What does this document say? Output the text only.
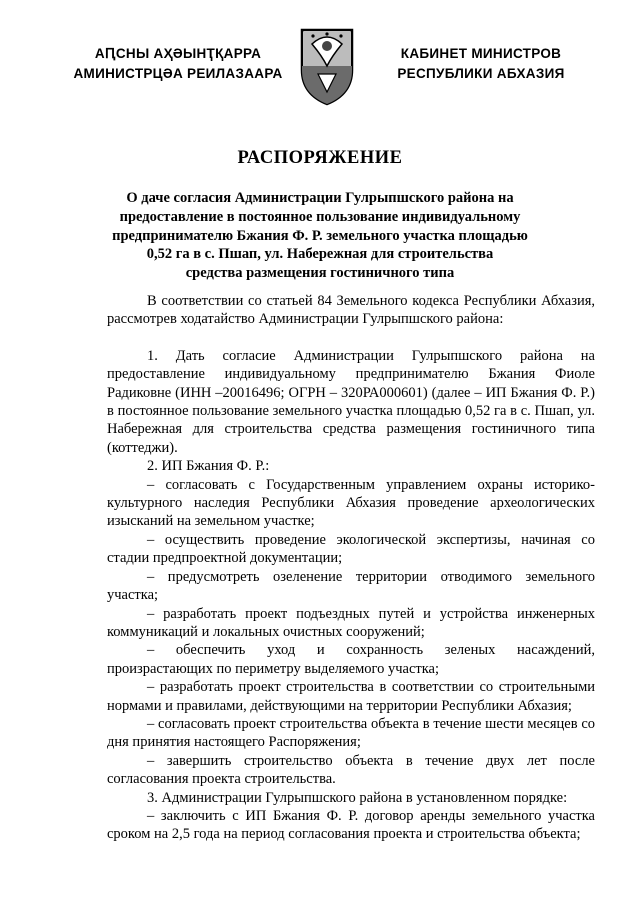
АԤСНЫ АҲӘЫНҬҚАРРА
АМИНИСТРЦӘА РЕИЛАЗААРА
КАБИНЕТ МИНИСТРОВ
РЕСПУБЛИКИ АБХАЗИЯ
РАСПОРЯЖЕНИЕ
О даче согласия Администрации Гулрыпшского района на
предоставление в постоянное пользование индивидуальному
предпринимателю Бжания Ф. Р. земельного участка площадью
0,52 га в с. Пшап, ул. Набережная для строительства
средства размещения гостиничного типа

В соответствии со статьей 84 Земельного кодекса Республики Абхазия, рассмотрев ходатайство Администрации Гулрыпшского района:

1. Дать согласие Администрации Гулрыпшского района на предоставление индивидуальному предпринимателю Бжания Фиоле Радиковне (ИНН –20016496; ОГРН – 320РА000601) (далее – ИП Бжания Ф. Р.) в постоянное пользование земельного участка площадью 0,52 га в с. Пшап, ул. Набережная для строительства средства размещения гостиничного типа (коттеджи).

2. ИП Бжания Ф. Р.:

– согласовать с Государственным управлением охраны историко-культурного наследия Республики Абхазия проведение археологических изысканий на земельном участке;

– осуществить проведение экологической экспертизы, начиная со стадии предпроектной документации;

– предусмотреть озеленение территории отводимого земельного участка;

– разработать проект подъездных путей и устройства инженерных коммуникаций и локальных очистных сооружений;

– обеспечить уход и сохранность зеленых насаждений, произрастающих по периметру выделяемого участка;

– разработать проект строительства в соответствии со строительными нормами и правилами, действующими на территории Республики Абхазия;

– согласовать проект строительства объекта в течение шести месяцев со дня принятия настоящего Распоряжения;

– завершить строительство объекта в течение двух лет после согласования проекта строительства.

3. Администрации Гулрыпшского района в установленном порядке:

– заключить с ИП Бжания Ф. Р. договор аренды земельного участка сроком на 2,5 года на период согласования проекта и строительства объекта;
